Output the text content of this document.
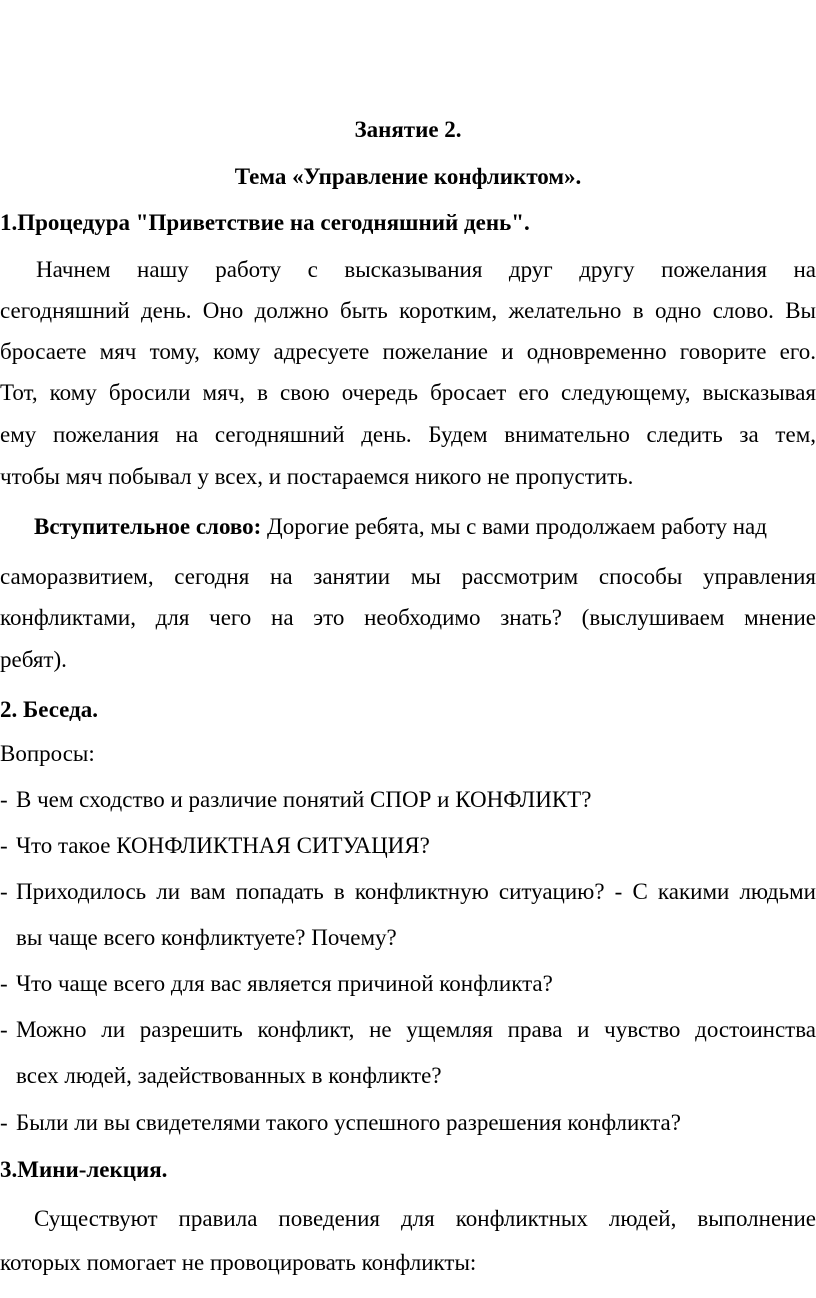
Занятие 2.
Тема «Управление конфликтом».
1.Процедура "Приветствие на сегодняшний день".
Начнем нашу работу с высказывания друг другу пожелания на
сегодняшний день. Оно должно быть коротким, желательно в одно слово. Вы
бросаете мяч тому, кому адресуете пожелание и одновременно говорите его.
Тот, кому бросили мяч, в свою очередь бросает его следующему, высказывая
ему пожелания на сегодняшний день. Будем внимательно следить за тем,
чтобы мяч побывал у всех, и постараемся никого не пропустить.
Вступительное слово: Дорогие ребята, мы с вами продолжаем работу над
саморазвитием, сегодня на занятии мы рассмотрим способы управления
конфликтами, для чего на это необходимо знать? (выслушиваем мнение
ребят).
2. Беседа.
Вопросы:
- В чем сходство и различие понятий СПОР и КОНФЛИКТ?
- Что такое КОНФЛИКТНАЯ СИТУАЦИЯ?
- Приходилось ли вам попадать в конфликтную ситуацию? - С какими людьми
вы чаще всего конфликтуете? Почему?
- Что чаще всего для вас является причиной конфликта?
- Можно ли разрешить конфликт, не ущемляя права и чувство достоинства
всех людей, задействованных в конфликте?
- Были ли вы свидетелями такого успешного разрешения конфликта?
3.Мини-лекция.
Существуют правила поведения для конфликтных людей, выполнение
которых помогает не провоцировать конфликты:
